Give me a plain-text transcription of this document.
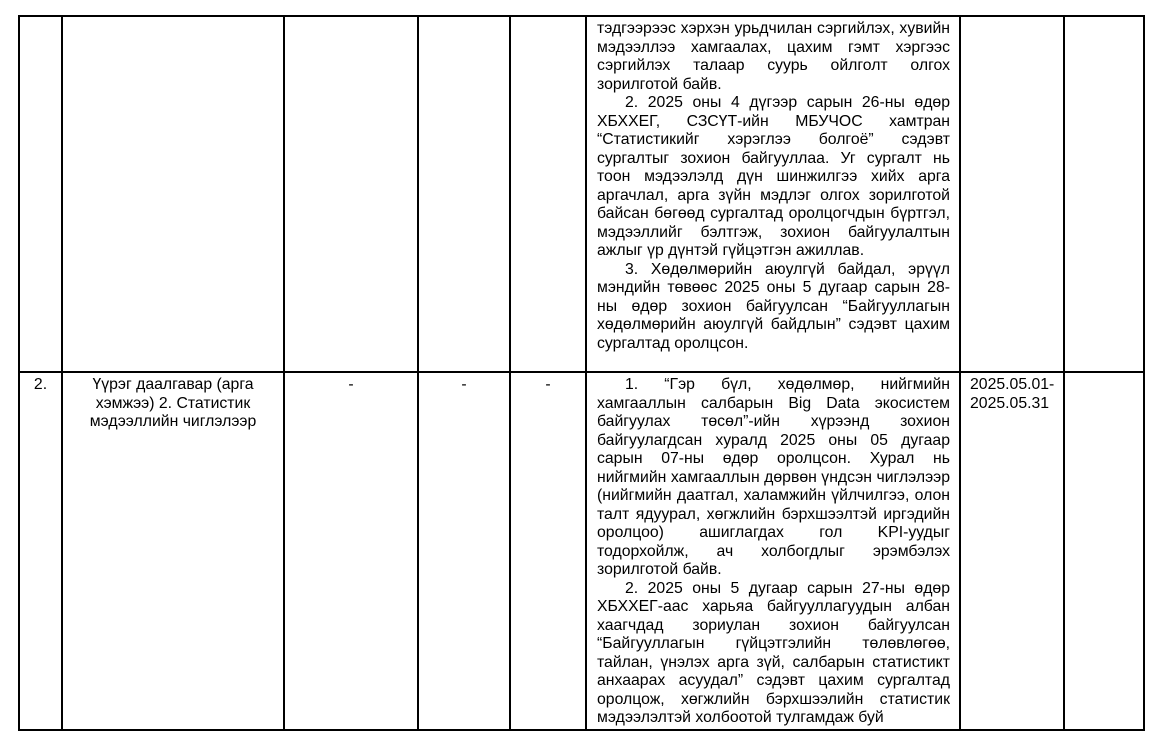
					тэдгээрээс хэрхэн урьдчилан сэргийлэх, хувийн мэдээллээ хамгаалах, цахим гэмт хэргээс сэргийлэх талаар суурь ойлголт олгох зорилготой байв.

2. 2025 оны 4 дүгээр сарын 26-ны өдөр ХБХХЕГ, СЗСҮТ-ийн МБУЧОС хамтран “Статистикийг хэрэглээ болгоё” сэдэвт сургалтыг зохион байгууллаа. Уг сургалт нь тоон мэдээлэлд дүн шинжилгээ хийх арга аргачлал, арга зүйн мэдлэг олгох зорилготой байсан бөгөөд сургалтад оролцогчдын бүртгэл, мэдээллийг бэлтгэж, зохион байгуулалтын ажлыг үр дүнтэй гүйцэтгэн ажиллав.

3. Хөдөлмөрийн аюулгүй байдал, эрүүл мэндийн төвөөс 2025 оны 5 дугаар сарын 28-ны өдөр зохион байгуулсан “Байгууллагын хөдөлмөрийн аюулгүй байдлын” сэдэвт цахим сургалтад оролцсон.		

2.	Үүрэг даалгавар (арга хэмжээ) 2. Статистик мэдээллийн чиглэлээр	-	-	-	1. “Гэр бүл, хөдөлмөр, нийгмийн хамгааллын салбарын Big Data экосистем байгуулах төсөл”-ийн хүрээнд зохион байгуулагдсан хуралд 2025 оны 05 дугаар сарын 07-ны өдөр оролцсон. Хурал нь нийгмийн хамгааллын дөрвөн үндсэн чиглэлээр (нийгмийн даатгал, халамжийн үйлчилгээ, олон талт ядуурал, хөгжлийн бэрхшээлтэй иргэдийн оролцоо) ашиглагдах гол KPI-уудыг тодорхойлж, ач холбогдлыг эрэмбэлэх зорилготой байв.

2. 2025 оны 5 дугаар сарын 27-ны өдөр ХБХХЕГ-аас харьяа байгууллагуудын албан хаагчдад зориулан зохион байгуулсан “Байгууллагын гүйцэтгэлийн төлөвлөгөө, тайлан, үнэлэх арга зүй, салбарын статистикт анхаарах асуудал” сэдэвт цахим сургалтад оролцож, хөгжлийн бэрхшээлийн статистик мэдээлэлтэй холбоотой тулгамдаж буй	2025.05.01-2025.05.31	
